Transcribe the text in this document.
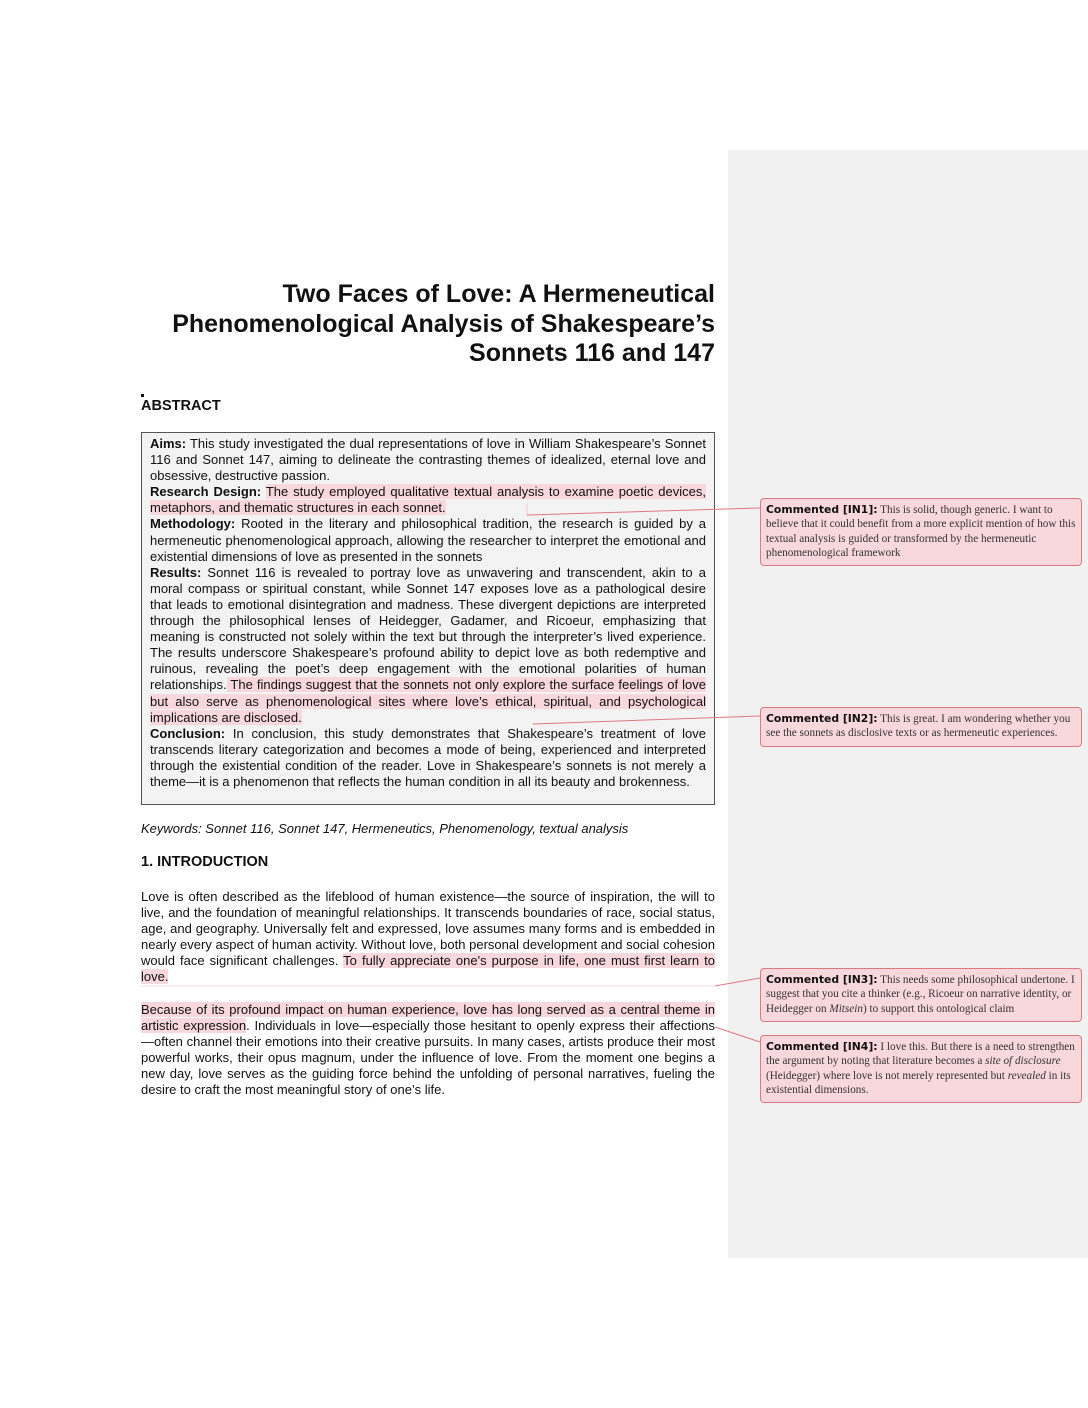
Two Faces of Love: A Hermeneutical Phenomenological Analysis of Shakespeare’s Sonnets 116 and 147
ABSTRACT

Aims: This study investigated the dual representations of love in William Shakespeare’s Sonnet 116 and Sonnet 147, aiming to delineate the contrasting themes of idealized, eternal love and obsessive, destructive passion.

Research Design: The study employed qualitative textual analysis to examine poetic devices, metaphors, and thematic structures in each sonnet.

Methodology: Rooted in the literary and philosophical tradition, the research is guided by a hermeneutic phenomenological approach, allowing the researcher to interpret the emotional and existential dimensions of love as presented in the sonnets

Results: Sonnet 116 is revealed to portray love as unwavering and transcendent, akin to a moral compass or spiritual constant, while Sonnet 147 exposes love as a pathological desire that leads to emotional disintegration and madness. These divergent depictions are interpreted through the philosophical lenses of Heidegger, Gadamer, and Ricoeur, emphasizing that meaning is constructed not solely within the text but through the interpreter’s lived experience. The results underscore Shakespeare’s profound ability to depict love as both redemptive and ruinous, revealing the poet’s deep engagement with the emotional polarities of human relationships. The findings suggest that the sonnets not only explore the surface feelings of love but also serve as phenomenological sites where love’s ethical, spiritual, and psychological implications are disclosed.

Conclusion: In conclusion, this study demonstrates that Shakespeare’s treatment of love transcends literary categorization and becomes a mode of being, experienced and interpreted through the existential condition of the reader. Love in Shakespeare’s sonnets is not merely a theme—it is a phenomenon that reflects the human condition in all its beauty and brokenness.

Keywords: Sonnet 116, Sonnet 147, Hermeneutics, Phenomenology, textual analysis

1. INTRODUCTION

Love is often described as the lifeblood of human existence—the source of inspiration, the will to live, and the foundation of meaningful relationships. It transcends boundaries of race, social status, age, and geography. Universally felt and expressed, love assumes many forms and is embedded in nearly every aspect of human activity. Without love, both personal development and social cohesion would face significant challenges. To fully appreciate one's purpose in life, one must first learn to love.

Because of its profound impact on human experience, love has long served as a central theme in artistic expression. Individuals in love—especially those hesitant to openly express their affections—often channel their emotions into their creative pursuits. In many cases, artists produce their most powerful works, their opus magnum, under the influence of love. From the moment one begins a new day, love serves as the guiding force behind the unfolding of personal narratives, fueling the desire to craft the most meaningful story of one’s life.

Commented [IN1]: This is solid, though generic. I want to believe that it could benefit from a more explicit mention of how this textual analysis is guided or transformed by the hermeneutic phenomenological framework
Commented [IN2]: This is great. I am wondering whether you see the sonnets as disclosive texts or as hermeneutic experiences.
Commented [IN3]: This needs some philosophical undertone. I suggest that you cite a thinker (e.g., Ricoeur on narrative identity, or Heidegger on Mitsein) to support this ontological claim
Commented [IN4]: I love this. But there is a need to strengthen the argument by noting that literature becomes a site of disclosure (Heidegger) where love is not merely represented but revealed in its existential dimensions.
